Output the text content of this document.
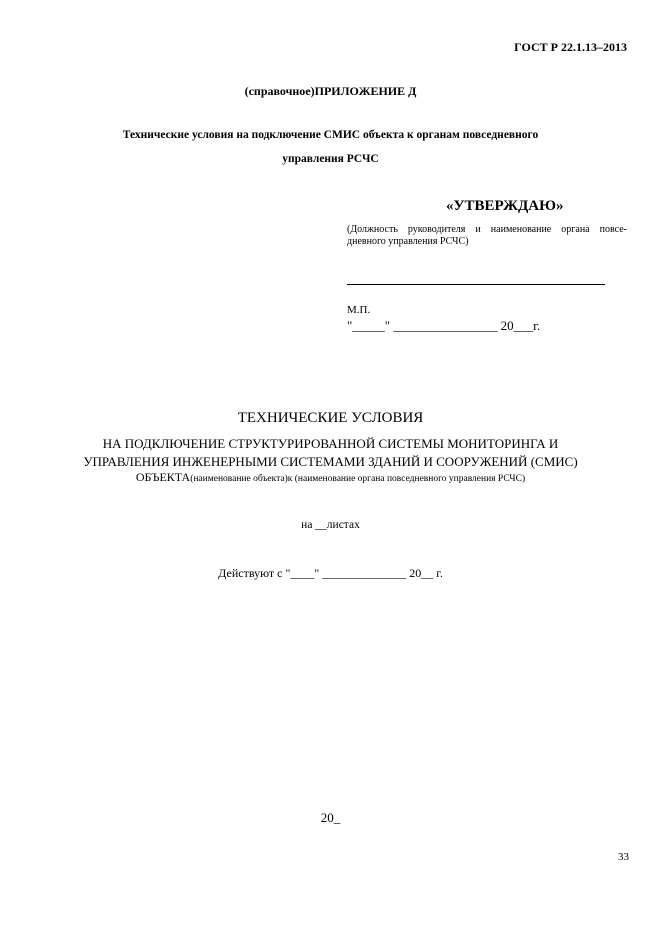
ГОСТ Р 22.1.13–2013
(справочное)ПРИЛОЖЕНИЕ Д
Технические условия на подключение СМИС объекта к органам повседневного
управления РСЧС
«УТВЕРЖДАЮ»
(Должность руководителя и наименование органа повсе-дневного управления РСЧС)
М.П.
"_____" ________________ 20___г.
ТЕХНИЧЕСКИЕ УСЛОВИЯ
НА ПОДКЛЮЧЕНИЕ СТРУКТУРИРОВАННОЙ СИСТЕМЫ МОНИТОРИНГА И
УПРАВЛЕНИЯ ИНЖЕНЕРНЫМИ СИСТЕМАМИ ЗДАНИЙ И СООРУЖЕНИЙ (СМИС)
ОБЪЕКТА(наименование объекта)к (наименование органа повседневного управления РСЧС)
на __листах
Действуют с "____" ______________ 20__ г.
20_
33
